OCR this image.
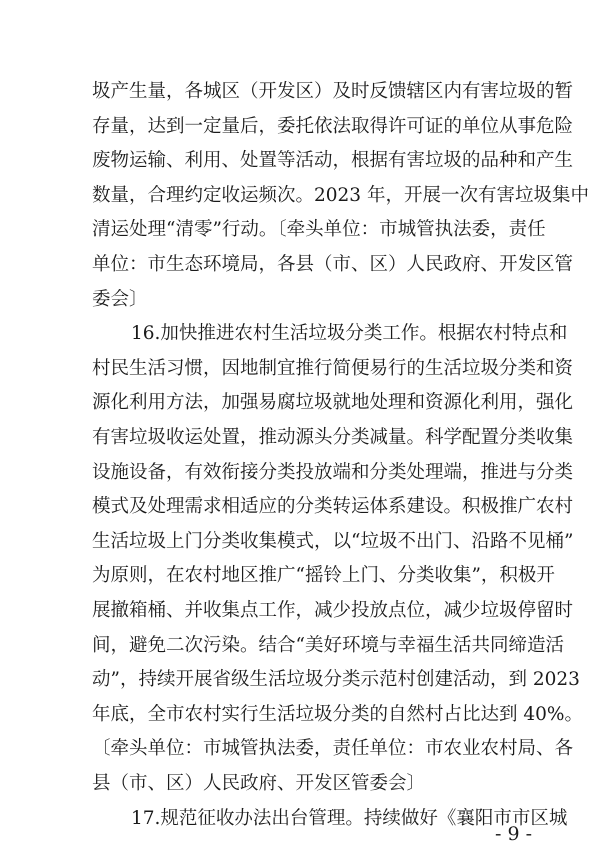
圾产生量，各城区（开发区）及时反馈辖区内有害垃圾的暂
存量，达到一定量后，委托依法取得许可证的单位从事危险
废物运输、利用、处置等活动，根据有害垃圾的品种和产生
数量，合理约定收运频次。2023 年，开展一次有害垃圾集中
清运处理“清零”行动。〔牵头单位：市城管执法委，责任
单位：市生态环境局，各县（市、区）人民政府、开发区管
委会〕
16.加快推进农村生活垃圾分类工作。根据农村特点和
村民生活习惯，因地制宜推行简便易行的生活垃圾分类和资
源化利用方法，加强易腐垃圾就地处理和资源化利用，强化
有害垃圾收运处置，推动源头分类减量。科学配置分类收集
设施设备，有效衔接分类投放端和分类处理端，推进与分类
模式及处理需求相适应的分类转运体系建设。积极推广农村
生活垃圾上门分类收集模式，以“垃圾不出门、沿路不见桶”
为原则，在农村地区推广“摇铃上门、分类收集”，积极开
展撤箱桶、并收集点工作，减少投放点位，减少垃圾停留时
间，避免二次污染。结合“美好环境与幸福生活共同缔造活
动”，持续开展省级生活垃圾分类示范村创建活动，到 2023
年底，全市农村实行生活垃圾分类的自然村占比达到 40%。
〔牵头单位：市城管执法委，责任单位：市农业农村局、各
县（市、区）人民政府、开发区管委会〕
17.规范征收办法出台管理。持续做好《襄阳市市区城
- 9 -
